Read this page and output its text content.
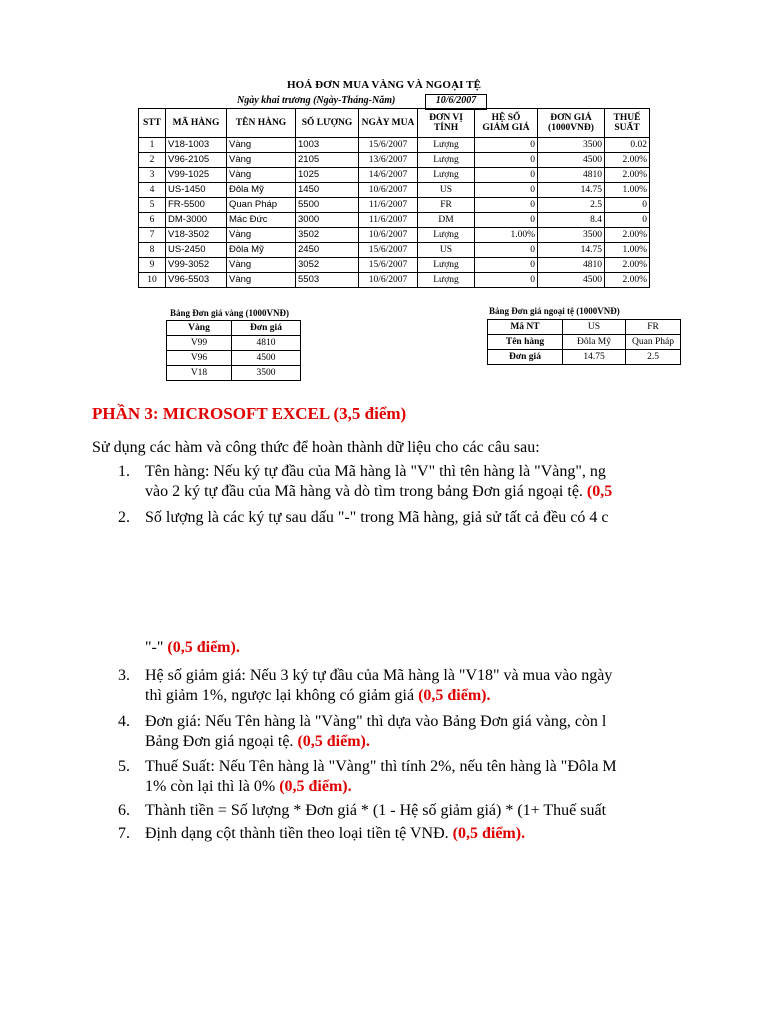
HOÁ ĐƠN MUA VÀNG VÀ NGOẠI TỆ
Ngày khai trương (Ngày-Tháng-Năm)	10/6/2007
STT	MÃ HÀNG	TÊN HÀNG	SỐ LƯỢNG	NGÀY MUA	ĐƠN VỊ TÍNH	HỆ SỐ GIẢM GIÁ	ĐƠN GIÁ (1000VNĐ)	THUẾ SUẤT
1	V18-1003	Vàng	1003	15/6/2007	Lượng	0	3500	0.02
2	V96-2105	Vàng	2105	13/6/2007	Lượng	0	4500	2.00%
3	V99-1025	Vàng	1025	14/6/2007	Lượng	0	4810	2.00%
4	US-1450	Đôla Mỹ	1450	10/6/2007	US	0	14.75	1.00%
5	FR-5500	Quan Pháp	5500	11/6/2007	FR	0	2.5	0
6	DM-3000	Mác Đức	3000	11/6/2007	DM	0	8.4	0
7	V18-3502	Vàng	3502	10/6/2007	Lượng	1.00%	3500	2.00%
8	US-2450	Đôla Mỹ	2450	15/6/2007	US	0	14.75	1.00%
9	V99-3052	Vàng	3052	15/6/2007	Lượng	0	4810	2.00%
10	V96-5503	Vàng	5503	10/6/2007	Lượng	0	4500	2.00%
Bảng Đơn giá vàng (1000VNĐ)
Vàng	Đơn giá
V99	4810
V96	4500
V18	3500
Bảng Đơn giá ngoại tệ (1000VNĐ)
Mã NT	US	FR
Tên hàng	Đôla Mỹ	Quan Pháp
Đơn giá	14.75	2.5
PHẦN 3: MICROSOFT EXCEL (3,5 điểm)
Sử dụng các hàm và công thức để hoàn thành dữ liệu cho các câu sau:
1. Tên hàng: Nếu ký tự đầu của Mã hàng là "V" thì tên hàng là "Vàng", ng
vào 2 ký tự đầu của Mã hàng và dò tìm trong bảng Đơn giá ngoại tệ. (0,5
2. Số lượng là các ký tự sau dấu "-" trong Mã hàng, giả sử tất cả đều có 4 c
"-" (0,5 điểm).
3. Hệ số giảm giá: Nếu 3 ký tự đầu của Mã hàng là "V18" và mua vào ngày
thì giảm 1%, ngược lại không có giảm giá (0,5 điểm).
4. Đơn giá: Nếu Tên hàng là "Vàng" thì dựa vào Bảng Đơn giá vàng, còn l
Bảng Đơn giá ngoại tệ. (0,5 điểm).
5. Thuế Suất: Nếu Tên hàng là "Vàng" thì tính 2%, nếu tên hàng là "Đôla M
1% còn lại thì là 0% (0,5 điểm).
6. Thành tiền = Số lượng * Đơn giá * (1 - Hệ số giảm giá) * (1+ Thuế suất
7. Định dạng cột thành tiền theo loại tiền tệ VNĐ. (0,5 điểm).
